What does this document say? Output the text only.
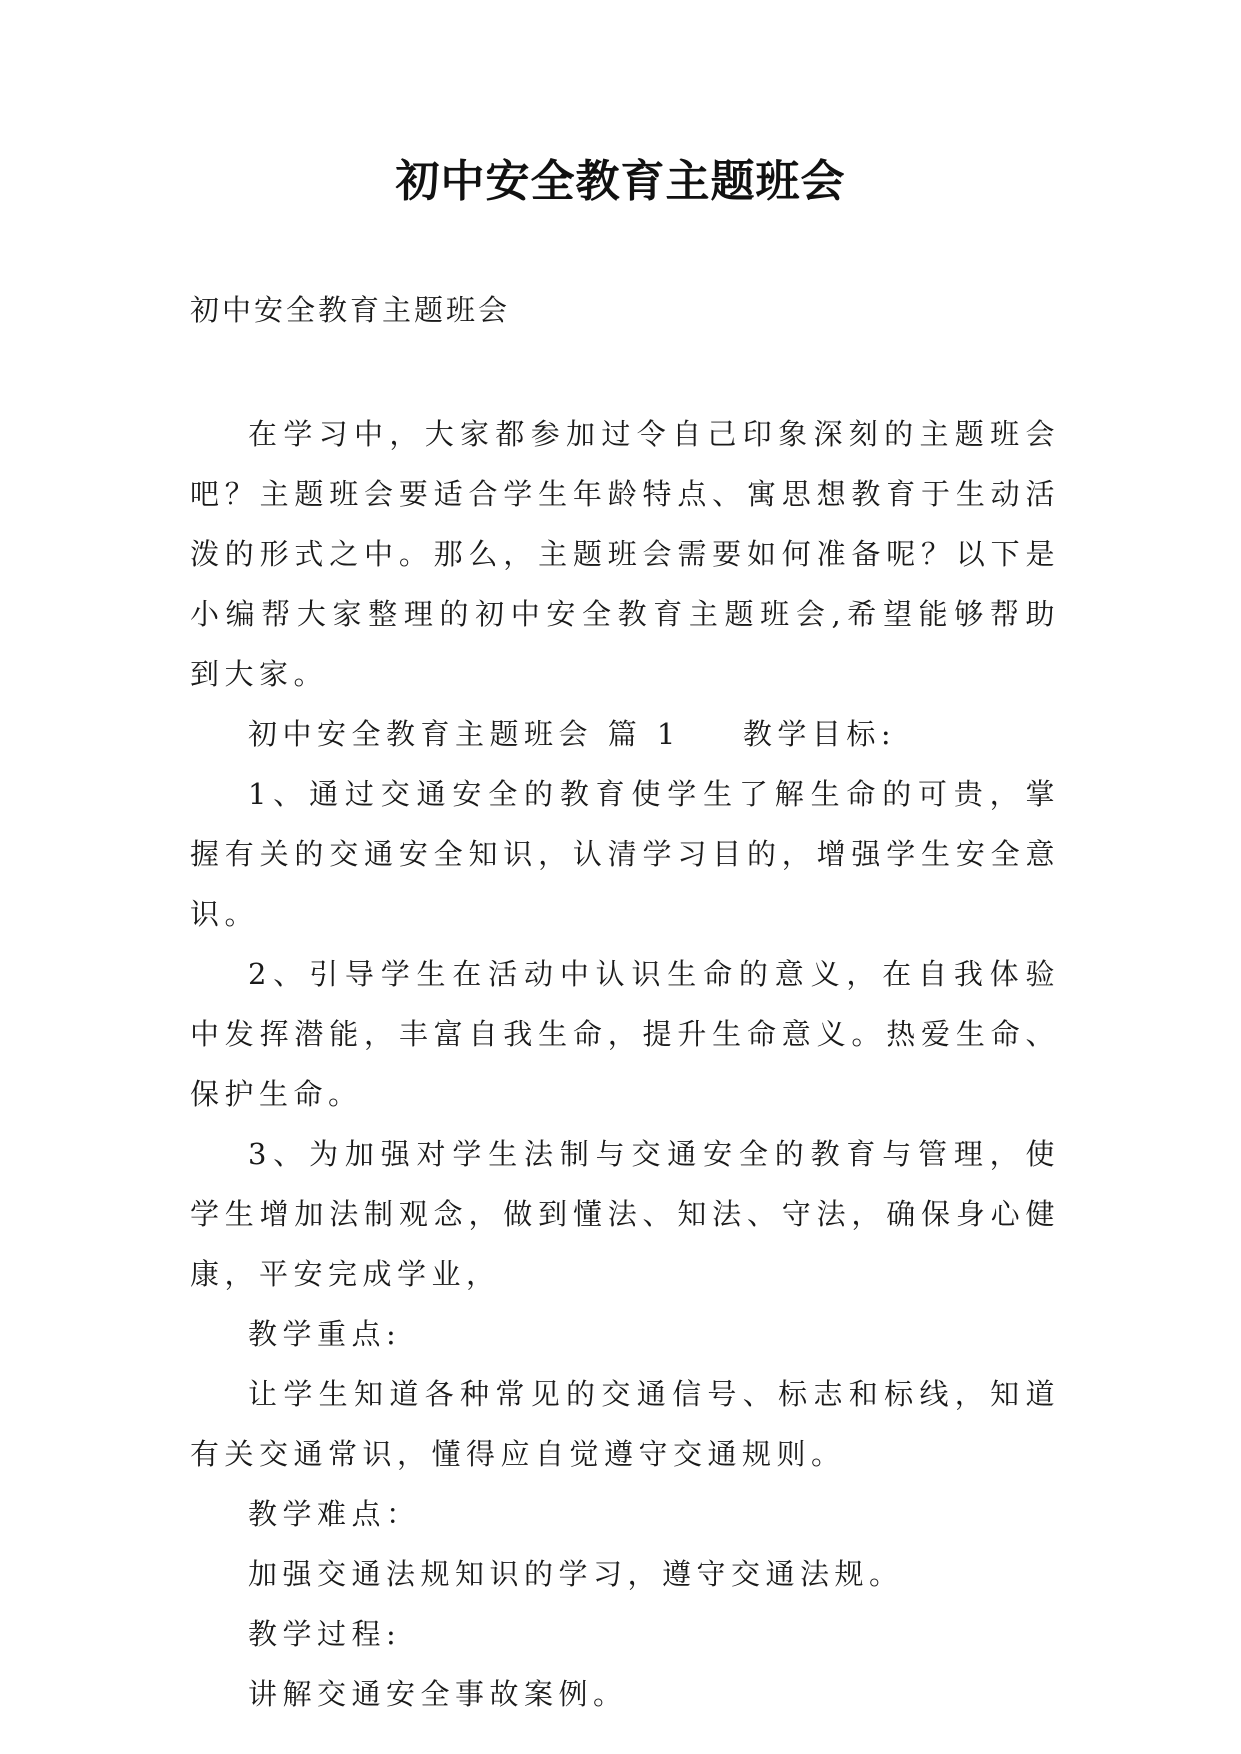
初中安全教育主题班会
初中安全教育主题班会

在学习中，大家都参加过令自己印象深刻的主题班会吧？主题班会要适合学生年龄特点、寓思想教育于生动活泼的形式之中。那么，主题班会需要如何准备呢？以下是小编帮大家整理的初中安全教育主题班会,希望能够帮助到大家。

初中安全教育主题班会 篇 1 教学目标:

1、通过交通安全的教育使学生了解生命的可贵，掌握有关的交通安全知识，认清学习目的，增强学生安全意识。

2、引导学生在活动中认识生命的意义，在自我体验中发挥潜能，丰富自我生命，提升生命意义。热爱生命、保护生命。

3、为加强对学生法制与交通安全的教育与管理，使学生增加法制观念，做到懂法、知法、守法，确保身心健康，平安完成学业，

教学重点:

让学生知道各种常见的交通信号、标志和标线，知道有关交通常识，懂得应自觉遵守交通规则。

教学难点：

加强交通法规知识的学习，遵守交通法规。

教学过程:

讲解交通安全事故案例。
